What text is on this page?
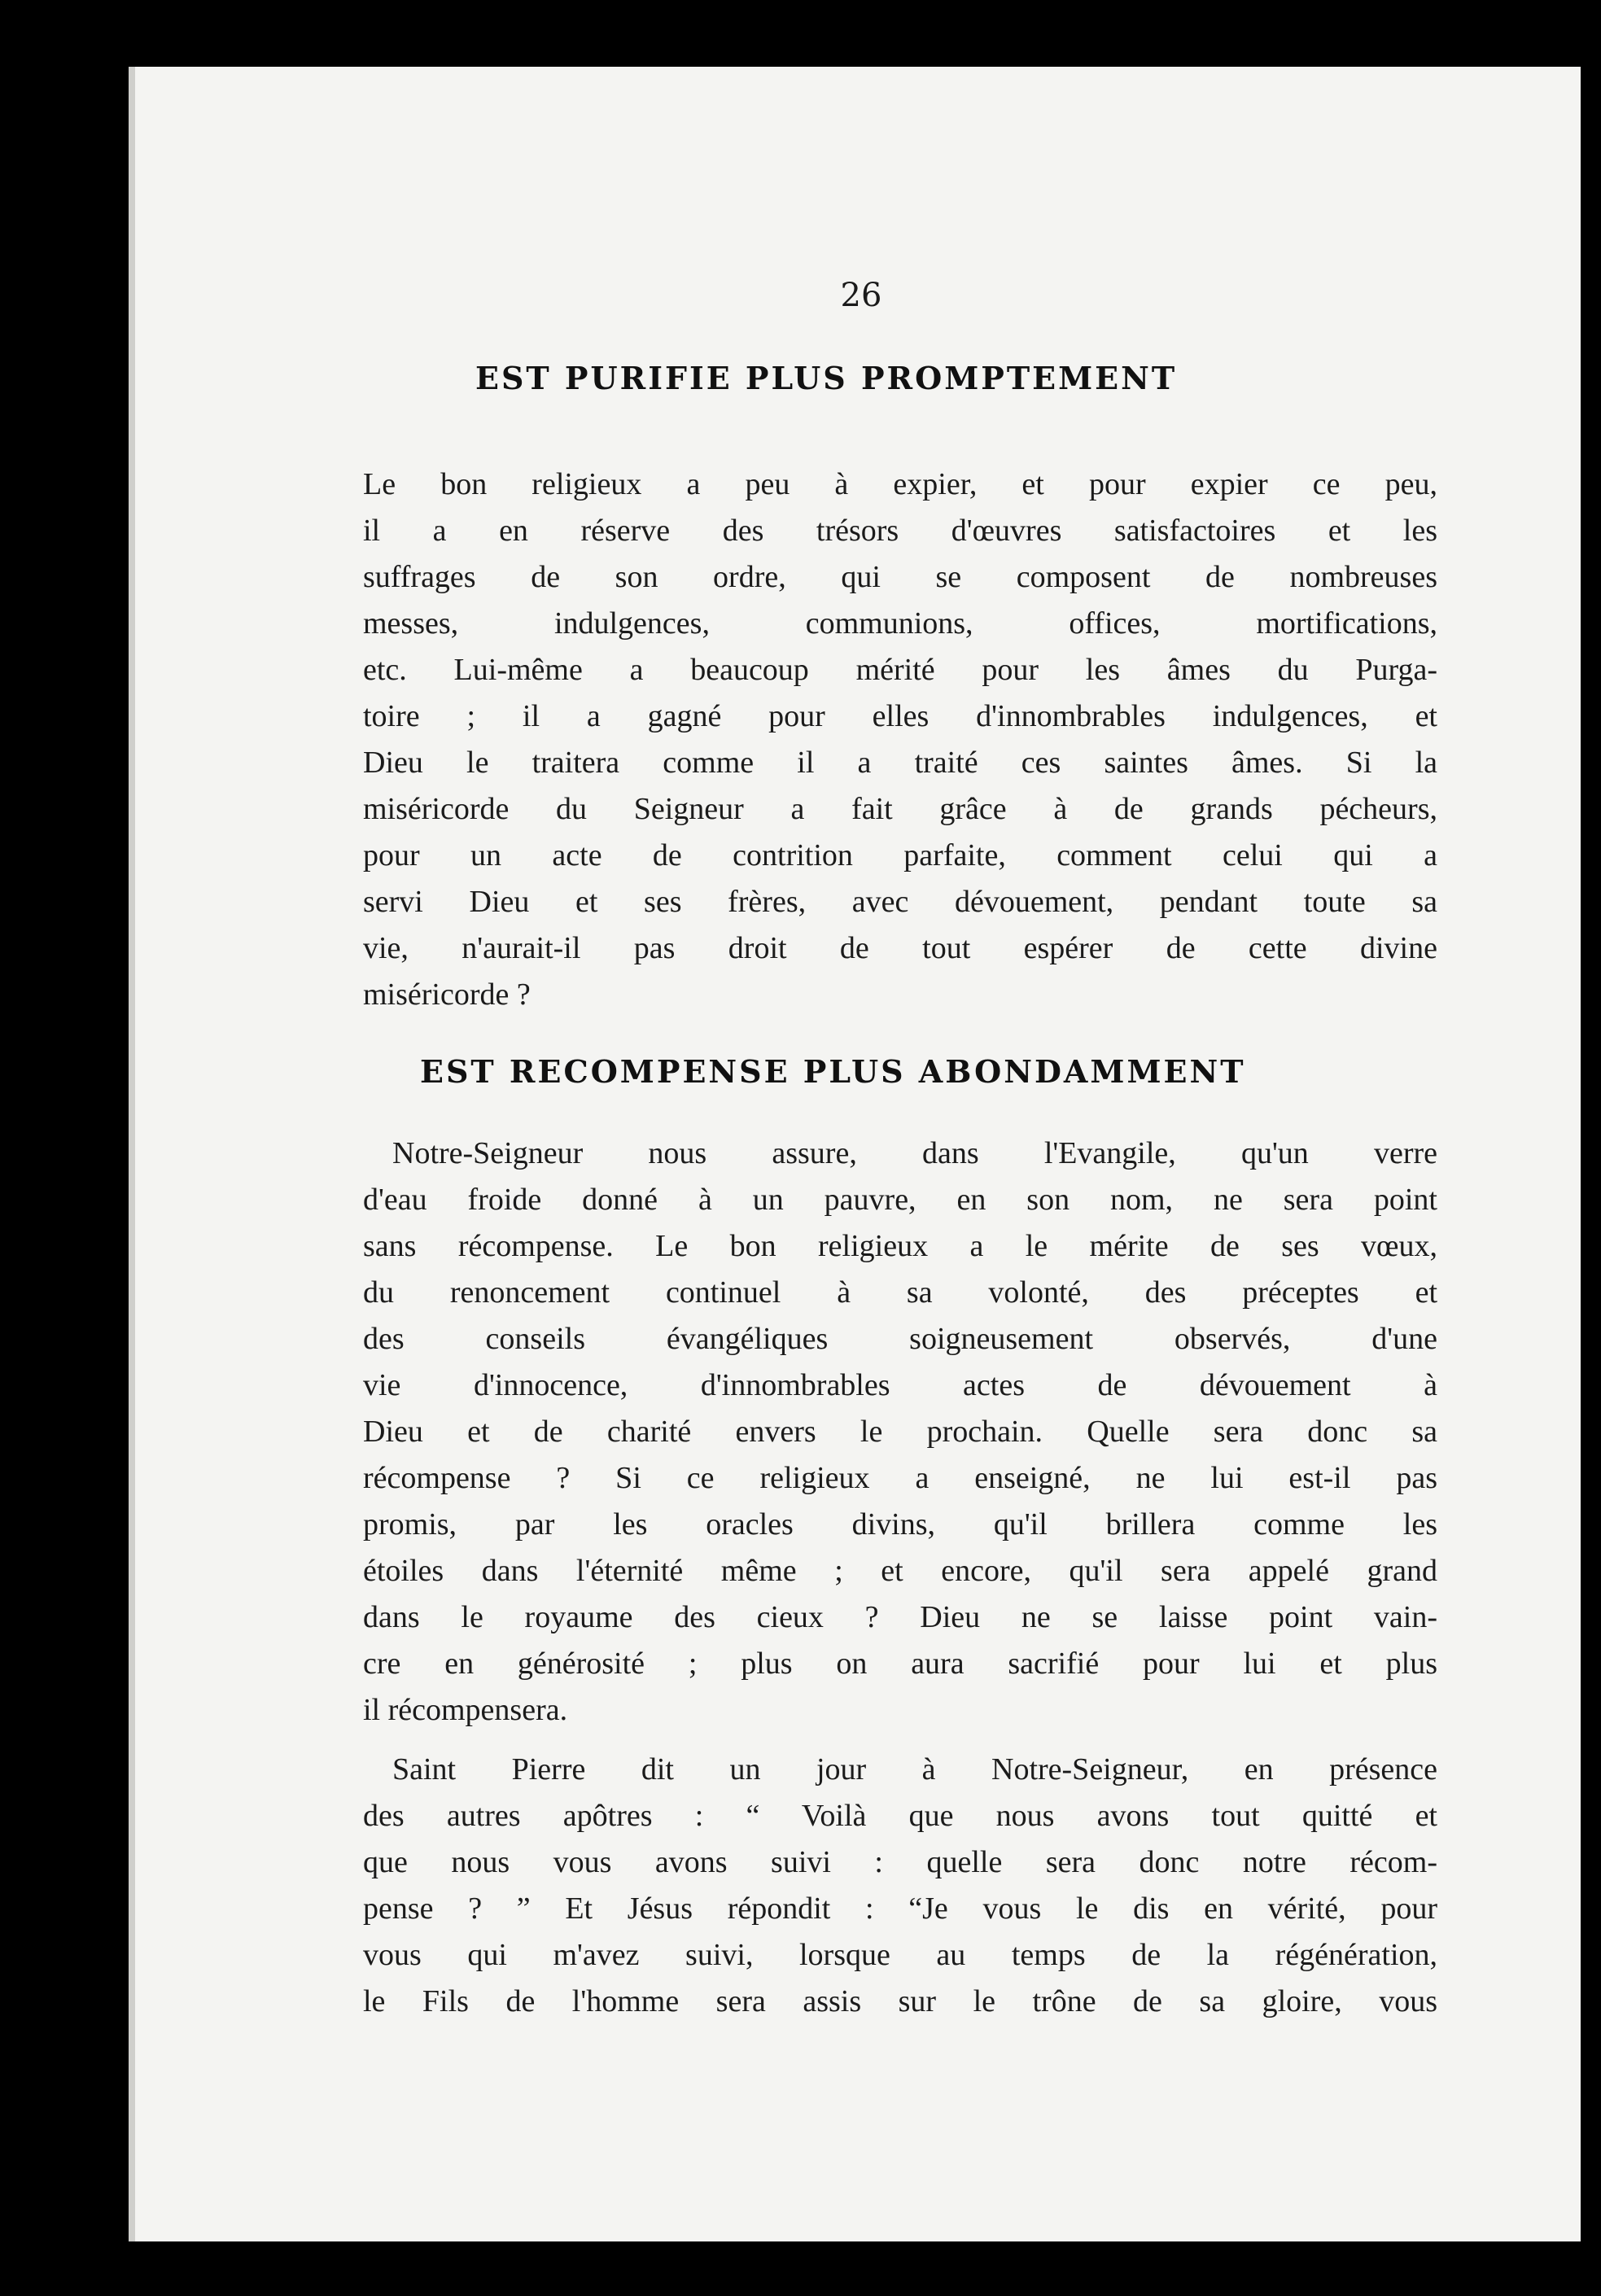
26
EST PURIFIE PLUS PROMPTEMENT
Le bon religieux a peu à expier, et pour expier ce peu,
il a en réserve des trésors d'œuvres satisfactoires et les
suffrages de son ordre, qui se composent de nombreuses
messes, indulgences, communions, offices, mortifications,
etc. Lui-même a beaucoup mérité pour les âmes du Purga-
toire ; il a gagné pour elles d'innombrables indulgences, et
Dieu le traitera comme il a traité ces saintes âmes. Si la
miséricorde du Seigneur a fait grâce à de grands pécheurs,
pour un acte de contrition parfaite, comment celui qui a
servi Dieu et ses frères, avec dévouement, pendant toute sa
vie, n'aurait-il pas droit de tout espérer de cette divine
miséricorde ?
EST RECOMPENSE PLUS ABONDAMMENT
Notre-Seigneur nous assure, dans l'Evangile, qu'un verre
d'eau froide donné à un pauvre, en son nom, ne sera point
sans récompense. Le bon religieux a le mérite de ses vœux,
du renoncement continuel à sa volonté, des préceptes et
des conseils évangéliques soigneusement observés, d'une
vie d'innocence, d'innombrables actes de dévouement à
Dieu et de charité envers le prochain. Quelle sera donc sa
récompense ? Si ce religieux a enseigné, ne lui est-il pas
promis, par les oracles divins, qu'il brillera comme les
étoiles dans l'éternité même ; et encore, qu'il sera appelé grand
dans le royaume des cieux ? Dieu ne se laisse point vain-
cre en générosité ; plus on aura sacrifié pour lui et plus
il récompensera.
Saint Pierre dit un jour à Notre-Seigneur, en présence
des autres apôtres : “ Voilà que nous avons tout quitté et
que nous vous avons suivi : quelle sera donc notre récom-
pense ? ” Et Jésus répondit : “Je vous le dis en vérité, pour
vous qui m'avez suivi, lorsque au temps de la régénération,
le Fils de l'homme sera assis sur le trône de sa gloire, vous
